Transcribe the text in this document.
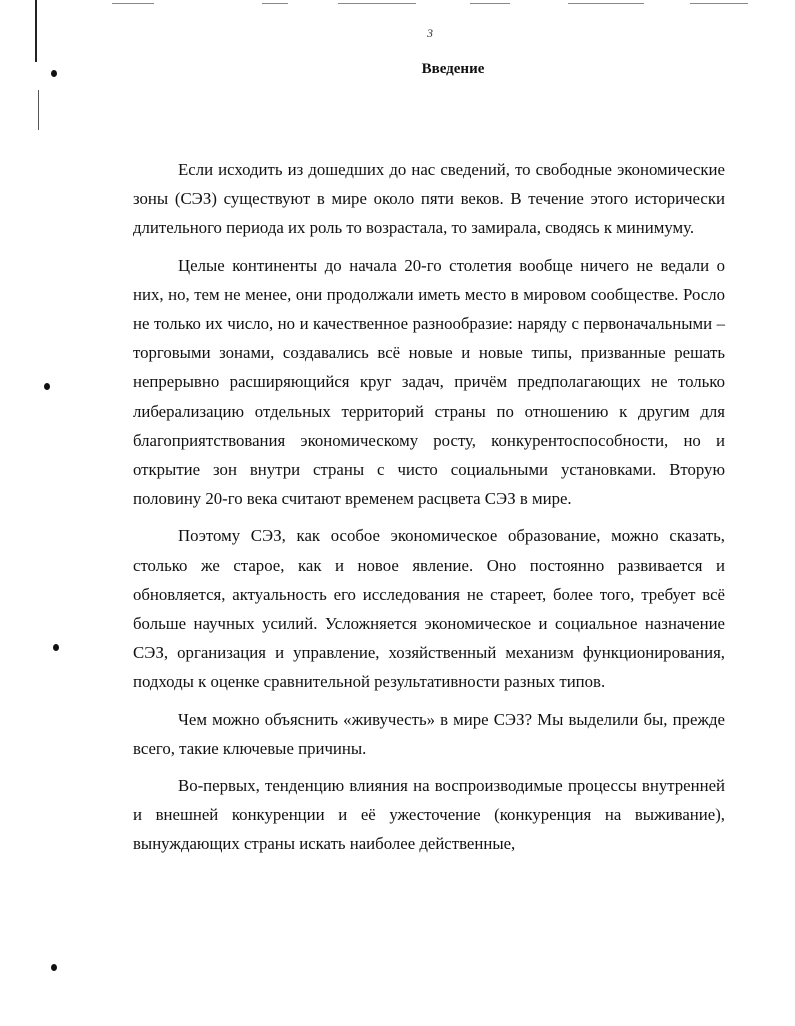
3
Введение

Если исходить из дошедших до нас сведений, то свободные экономические зоны (СЭЗ) существуют в мире около пяти веков. В течение этого исторически длительного периода их роль то возрастала, то замирала, сводясь к минимуму.

Целые континенты до начала 20-го столетия вообще ничего не ведали о них, но, тем не менее, они продолжали иметь место в мировом сообществе. Росло не только их число, но и качественное разнообразие: наряду с первоначальными – торговыми зонами, создавались всё новые и новые типы, призванные решать непрерывно расширяющийся круг задач, причём предполагающих не только либерализацию отдельных территорий страны по отношению к другим для благоприятствования экономическому росту, конкурентоспособности, но и открытие зон внутри страны с чисто социальными установками. Вторую половину 20-го века считают временем расцвета СЭЗ в мире.

Поэтому СЭЗ, как особое экономическое образование, можно сказать, столько же старое, как и новое явление. Оно постоянно развивается и обновляется, актуальность его исследования не стареет, более того, требует всё больше научных усилий. Усложняется экономическое и социальное назначение СЭЗ, организация и управление, хозяйственный механизм функционирования, подходы к оценке сравнительной результативности разных типов.

Чем можно объяснить «живучесть» в мире СЭЗ? Мы выделили бы, прежде всего, такие ключевые причины.

Во-первых, тенденцию влияния на воспроизводимые процессы внутренней и внешней конкуренции и её ужесточение (конкуренция на выживание), вынуждающих страны искать наиболее действенные,
